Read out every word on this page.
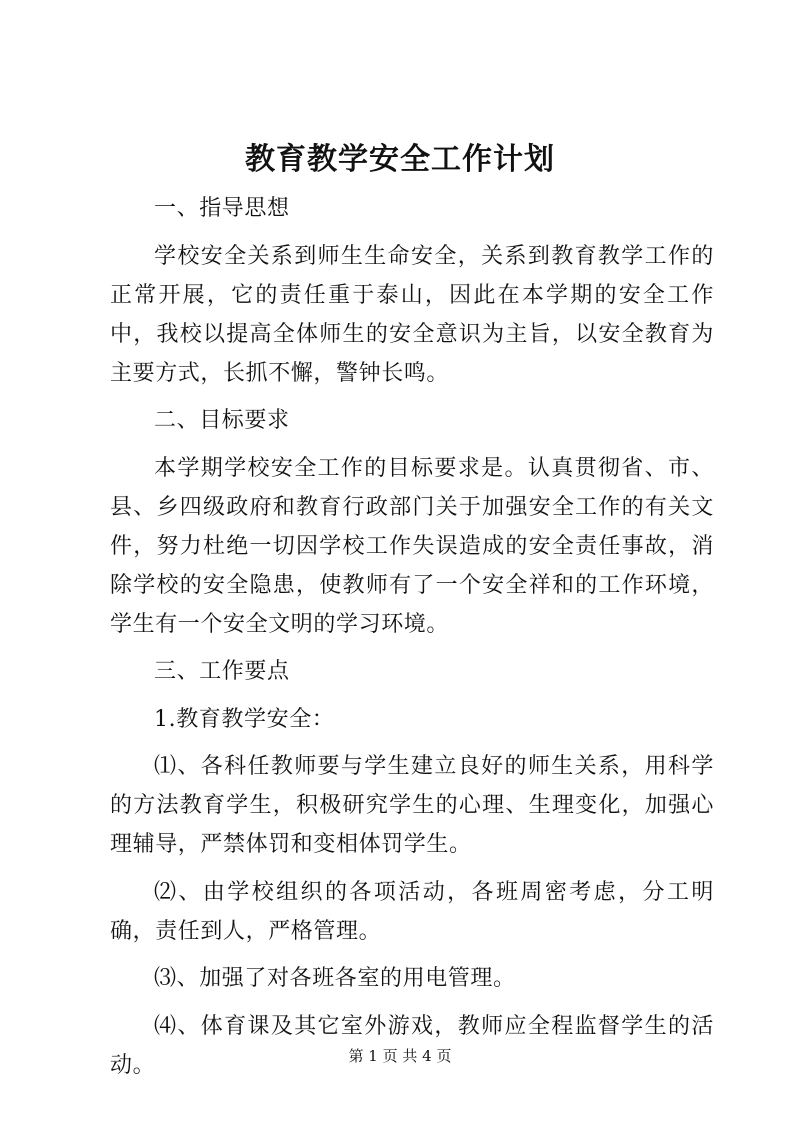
教育教学安全工作计划

一、指导思想

学校安全关系到师生生命安全，关系到教育教学工作的正常开展，它的责任重于泰山，因此在本学期的安全工作中，我校以提高全体师生的安全意识为主旨，以安全教育为主要方式，长抓不懈，警钟长鸣。

二、目标要求

本学期学校安全工作的目标要求是。认真贯彻省、市、县、乡四级政府和教育行政部门关于加强安全工作的有关文件，努力杜绝一切因学校工作失误造成的安全责任事故，消除学校的安全隐患，使教师有了一个安全祥和的工作环境，学生有一个安全文明的学习环境。

三、工作要点

1.教育教学安全：

⑴、各科任教师要与学生建立良好的师生关系，用科学的方法教育学生，积极研究学生的心理、生理变化，加强心理辅导，严禁体罚和变相体罚学生。

⑵、由学校组织的各项活动，各班周密考虑，分工明确，责任到人，严格管理。

⑶、加强了对各班各室的用电管理。

⑷、体育课及其它室外游戏，教师应全程监督学生的活动。	第 1 页 共 4 页
